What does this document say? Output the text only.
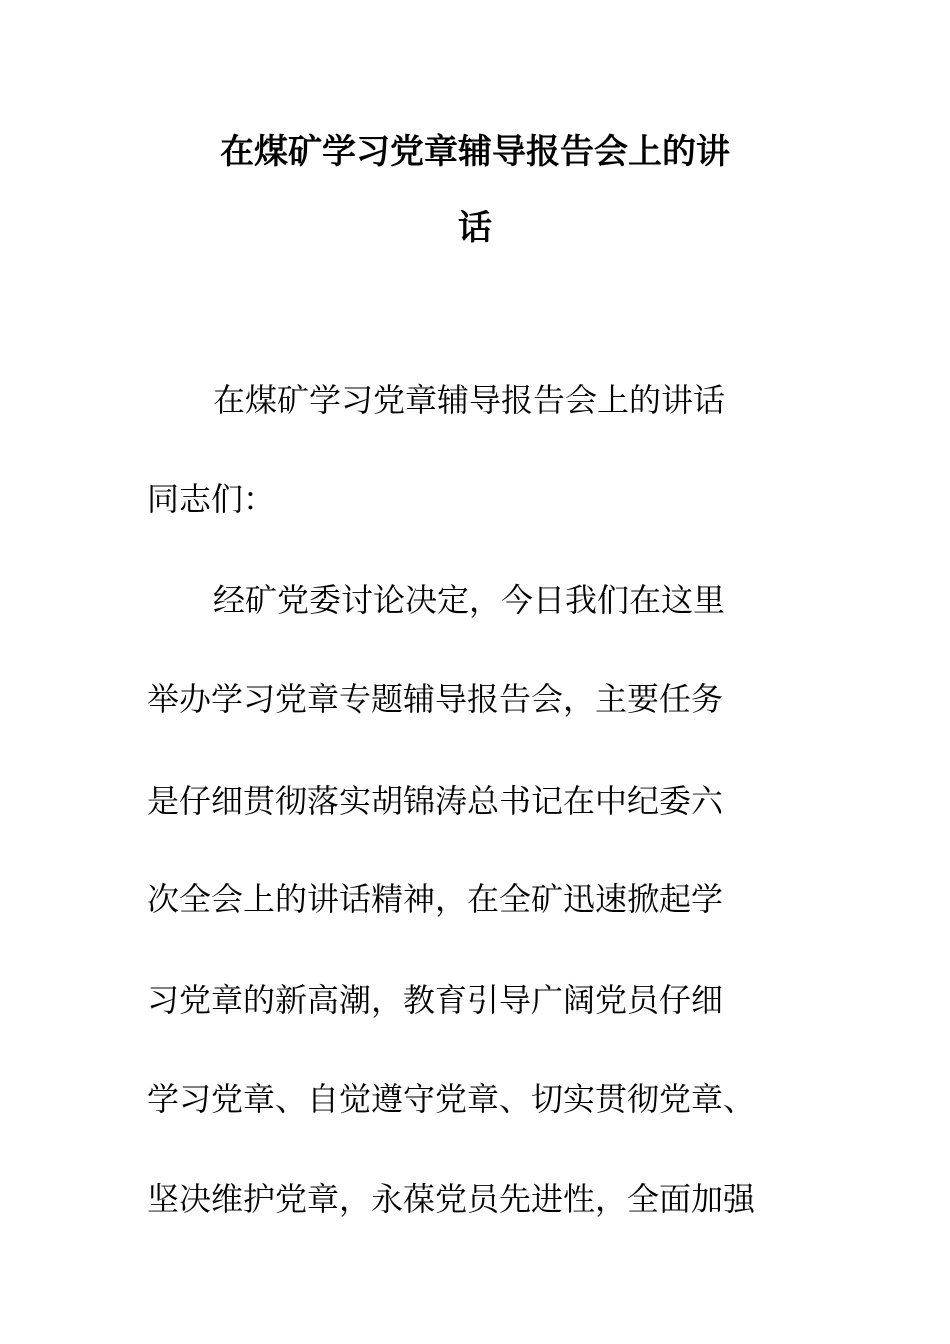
在煤矿学习党章辅导报告会上的讲
话
在煤矿学习党章辅导报告会上的讲话
同志们：
经矿党委讨论决定，今日我们在这里
举办学习党章专题辅导报告会，主要任务
是仔细贯彻落实胡锦涛总书记在中纪委六
次全会上的讲话精神，在全矿迅速掀起学
习党章的新高潮，教育引导广阔党员仔细
学习党章、自觉遵守党章、切实贯彻党章、
坚决维护党章，永葆党员先进性，全面加强
